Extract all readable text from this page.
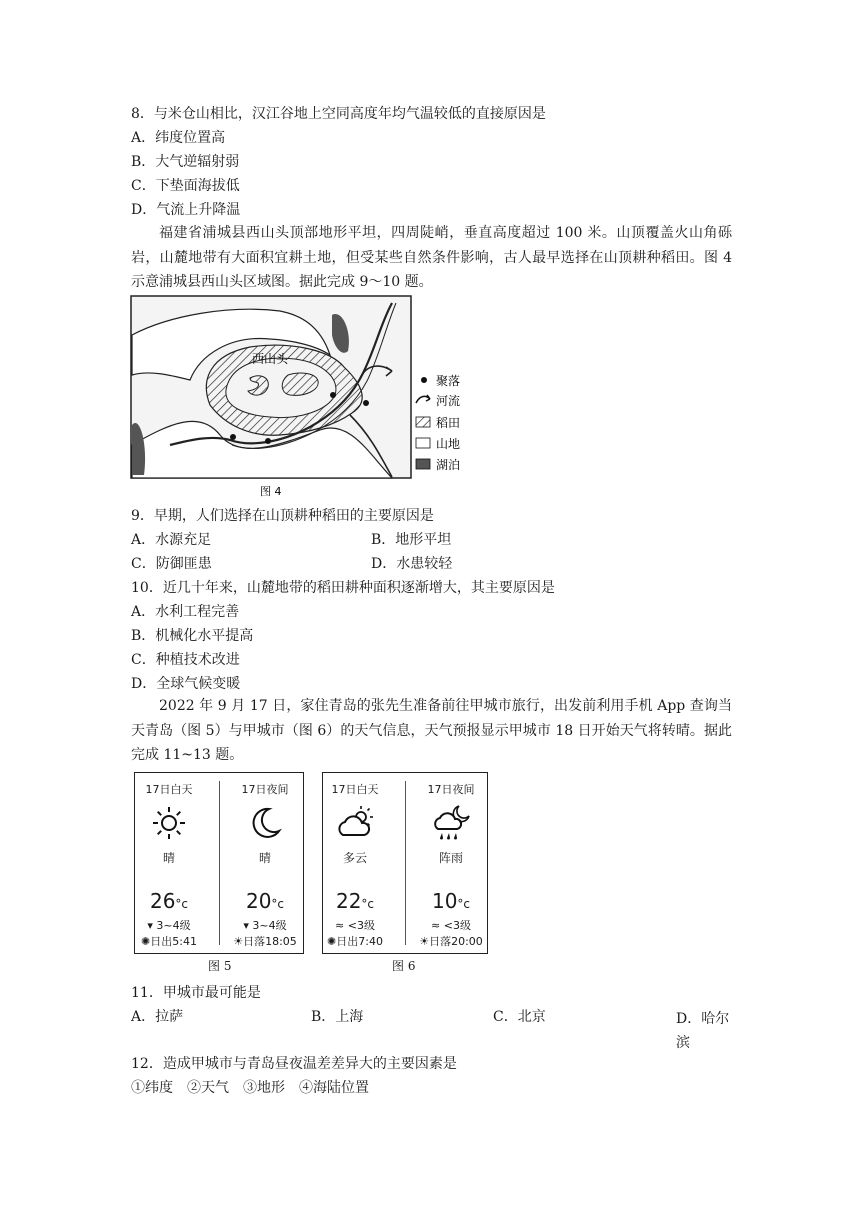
8．与米仓山相比，汉江谷地上空同高度年均气温较低的直接原因是
A．纬度位置高
B．大气逆辐射弱
C．下垫面海拔低
D．气流上升降温
福建省浦城县西山头顶部地形平坦，四周陡峭，垂直高度超过 100 米。山顶覆盖火山角砾岩，山麓地带有大面积宜耕土地，但受某些自然条件影响，古人最早选择在山顶耕种稻田。图 4 示意浦城县西山头区域图。据此完成 9～10 题。
西山头
聚落
河流
稻田
山地
湖泊
图 4
9．早期，人们选择在山顶耕种稻田的主要原因是
A．水源充足	B．地形平坦
C．防御匪患	D．水患较轻
10．近几十年来，山麓地带的稻田耕种面积逐渐增大，其主要原因是
A．水利工程完善
B．机械化水平提高
C．种植技术改进
D．全球气候变暖
2022 年 9 月 17 日，家住青岛的张先生准备前往甲城市旅行，出发前利用手机 App 查询当天青岛（图 5）与甲城市（图 6）的天气信息，天气预报显示甲城市 18 日开始天气将转晴。据此完成 11~13 题。
17日白天
晴
26°c
▾ 3~4级
✺日出5:41
17日夜间
晴
20°c
▾ 3~4级
☀日落18:05
图 5
17日白天
多云
22°c
≈ <3级
✺日出7:40
17日夜间
阵雨
10°c
≈ <3级
☀日落20:00
图 6
11．甲城市最可能是
A．拉萨	B．上海	C．北京	D．哈尔滨
12．造成甲城市与青岛昼夜温差差异大的主要因素是
①纬度　②天气　③地形　④海陆位置
